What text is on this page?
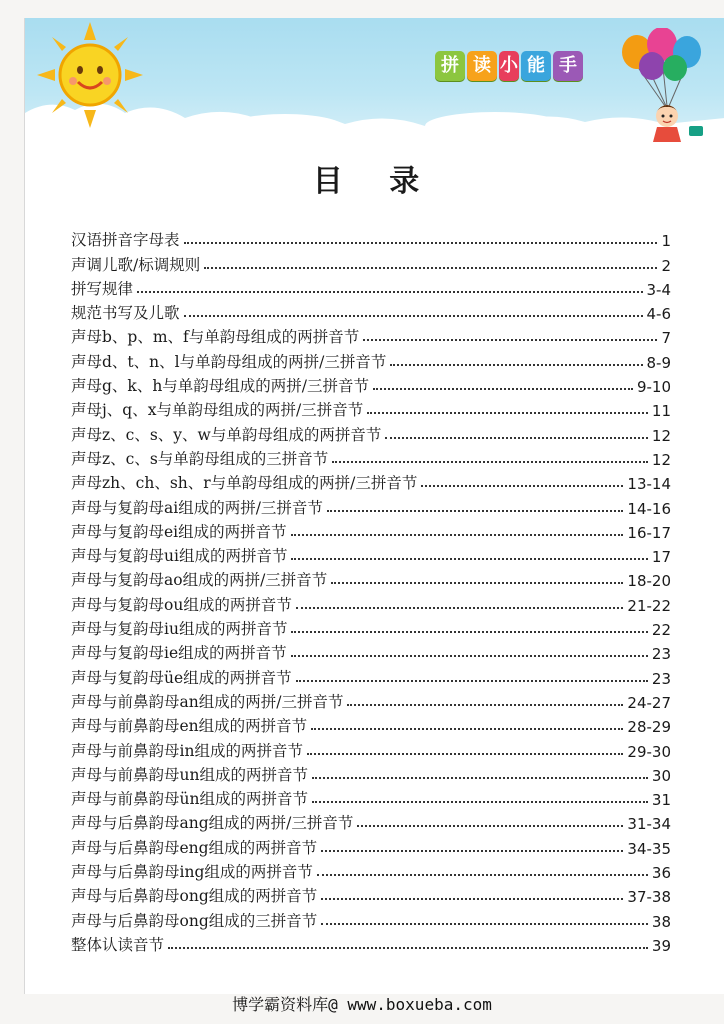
拼 读 小 能 手
目 录
汉语拼音字母表	1
声调儿歌/标调规则	2
拼写规律	3-4
规范书写及儿歌	4-6
声母b、p、m、f与单韵母组成的两拼音节	7
声母d、t、n、l与单韵母组成的两拼/三拼音节	8-9
声母g、k、h与单韵母组成的两拼/三拼音节	9-10
声母j、q、x与单韵母组成的两拼/三拼音节	11
声母z、c、s、y、w与单韵母组成的两拼音节	12
声母z、c、s与单韵母组成的三拼音节	12
声母zh、ch、sh、r与单韵母组成的两拼/三拼音节	13-14
声母与复韵母ai组成的两拼/三拼音节	14-16
声母与复韵母ei组成的两拼音节	16-17
声母与复韵母ui组成的两拼音节	17
声母与复韵母ao组成的两拼/三拼音节	18-20
声母与复韵母ou组成的两拼音节	21-22
声母与复韵母iu组成的两拼音节	22
声母与复韵母ie组成的两拼音节	23
声母与复韵母üe组成的两拼音节	23
声母与前鼻韵母an组成的两拼/三拼音节	24-27
声母与前鼻韵母en组成的两拼音节	28-29
声母与前鼻韵母in组成的两拼音节	29-30
声母与前鼻韵母un组成的两拼音节	30
声母与前鼻韵母ün组成的两拼音节	31
声母与后鼻韵母ang组成的两拼/三拼音节	31-34
声母与后鼻韵母eng组成的两拼音节	34-35
声母与后鼻韵母ing组成的两拼音节	36
声母与后鼻韵母ong组成的两拼音节	37-38
声母与后鼻韵母ong组成的三拼音节	38
整体认读音节	39
博学霸资料库@ www.boxueba.com
